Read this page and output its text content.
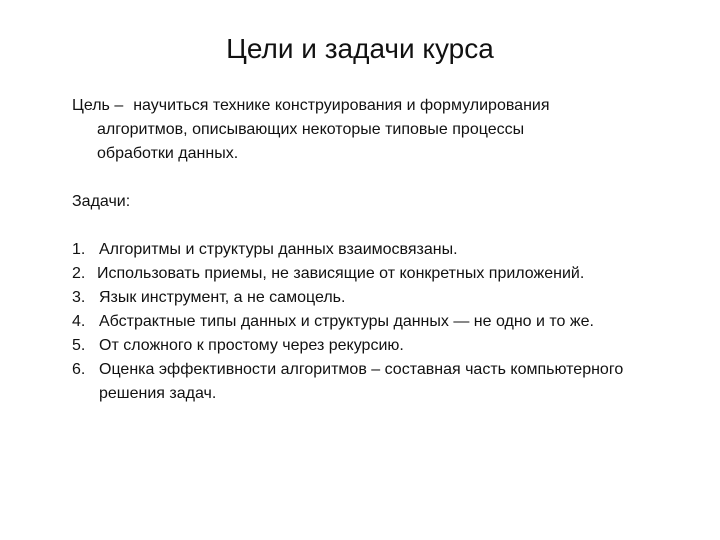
Цели и задачи курса
Цель – научиться технике конструирования и формулирования
алгоритмов, описывающих некоторые типовые процессы
обработки данных.
Задачи:
1. Алгоритмы и структуры данных взаимосвязаны.
2. Использовать приемы, не зависящие от конкретных приложений.
3. Язык инструмент, а не самоцель.
4. Абстрактные типы данных и структуры данных — не одно и то же.
5. От сложного к простому через рекурсию.
6. Оценка эффективности алгоритмов – составная часть компьютерного
решения задач.
